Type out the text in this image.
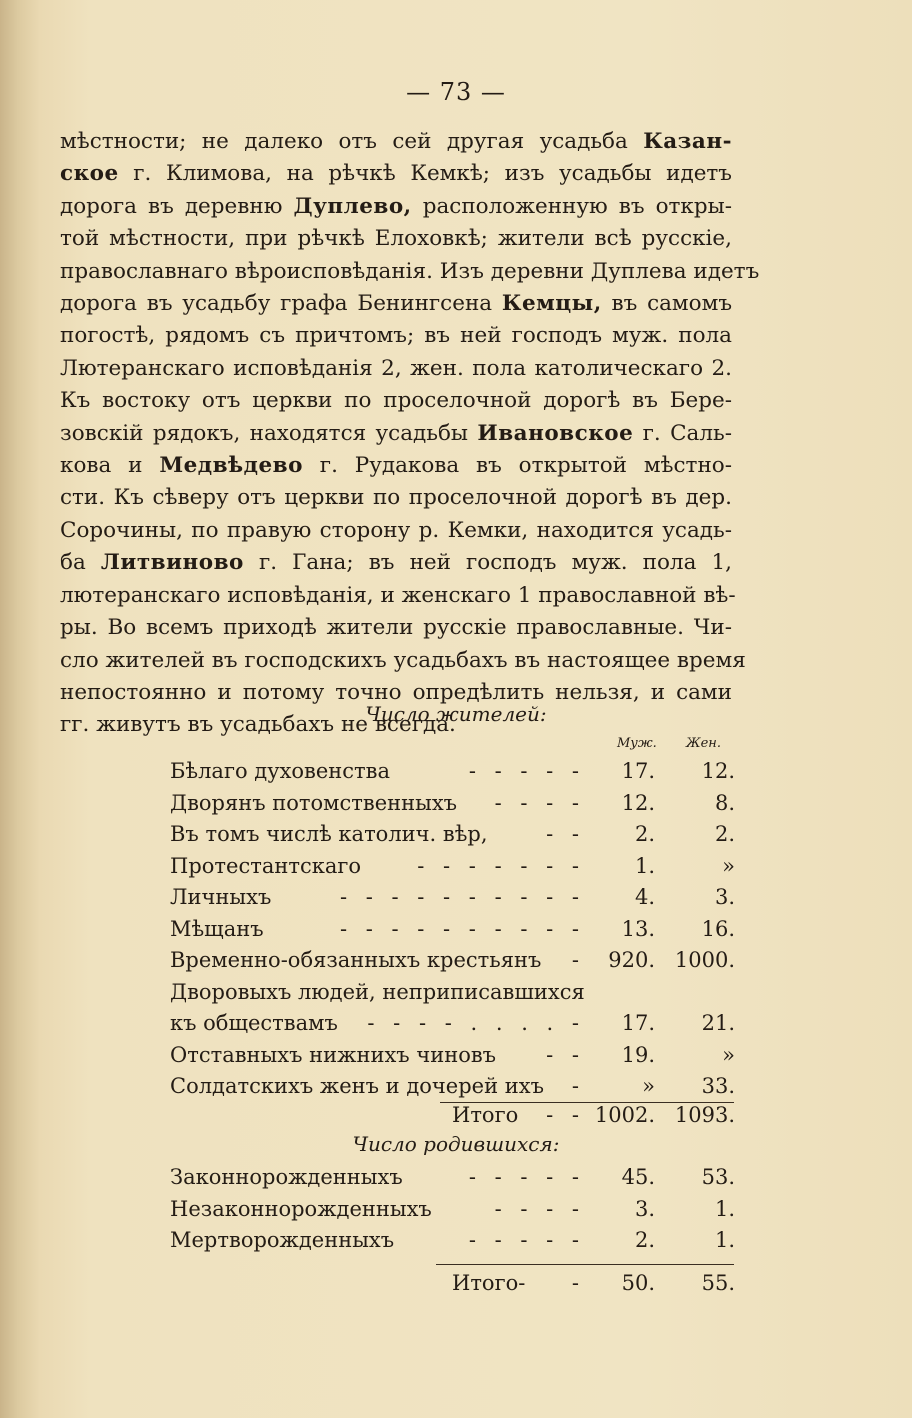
— 73 —
мѣстности; не далеко отъ сей другая усадьба Казан-
ское г. Климова, на рѣчкѣ Кемкѣ; изъ усадьбы идетъ
дорога въ деревню Дуплево, расположенную въ откры-
той мѣстности, при рѣчкѣ Елоховкѣ; жители всѣ русскіе,
православнаго вѣроисповѣданія. Изъ деревни Дуплева идетъ
дорога въ усадьбу графа Бенингсена Кемцы, въ самомъ
погостѣ, рядомъ съ причтомъ; въ ней господъ муж. пола
Лютеранскаго исповѣданія 2, жен. пола католическаго 2.
Къ востоку отъ церкви по проселочной дорогѣ въ Бере-
зовскій рядокъ, находятся усадьбы Ивановское г. Саль-
кова и Медвѣдево г. Рудакова въ открытой мѣстно-
сти. Къ сѣверу отъ церкви по проселочной дорогѣ въ дер.
Сорочины, по правую сторону р. Кемки, находится усадь-
ба Литвиново г. Гана; въ ней господъ муж. пола 1,
лютеранскаго исповѣданія, и женскаго 1 православной вѣ-
ры. Во всемъ приходѣ жители русскіе православные. Чи-
сло жителей въ господскихъ усадьбахъ въ настоящее время
непостоянно и потому точно опредѣлить нельзя, и сами
гг. живутъ въ усадьбахъ не всегда.
Число жителей:
Муж. Жен.
Бѣлаго духовенства	- - - - - 17. 12.
Дворянъ потомственныхъ - - - - 12.	8.
Въ томъ числѣ католич. вѣр,	- - 2.	2.
Протестантскаго	- - - - - - - 1.	»
Личныхъ	- - - - - - - - - - 4.	3.
Мѣщанъ	- - - - - - - - - - 13. 16.
Временно-обязанныхъ крестьянъ - 920. 1000.
Дворовыхъ людей, неприписавшихся
къ обществамъ - - - - . . . . - 17. 21.
Отставныхъ нижнихъ чиновъ - - 19.	»
Солдатскихъ женъ и дочерей ихъ -	» 33.
Итого - - 1002. 1093.
Число родившихся:
Законнорожденныхъ	- - - - - 45. 53.
Незаконнорожденныхъ	- - - - 3.	1.
Мертворожденныхъ	- - - - - 2.	1.
Итого- - 50. 55.
